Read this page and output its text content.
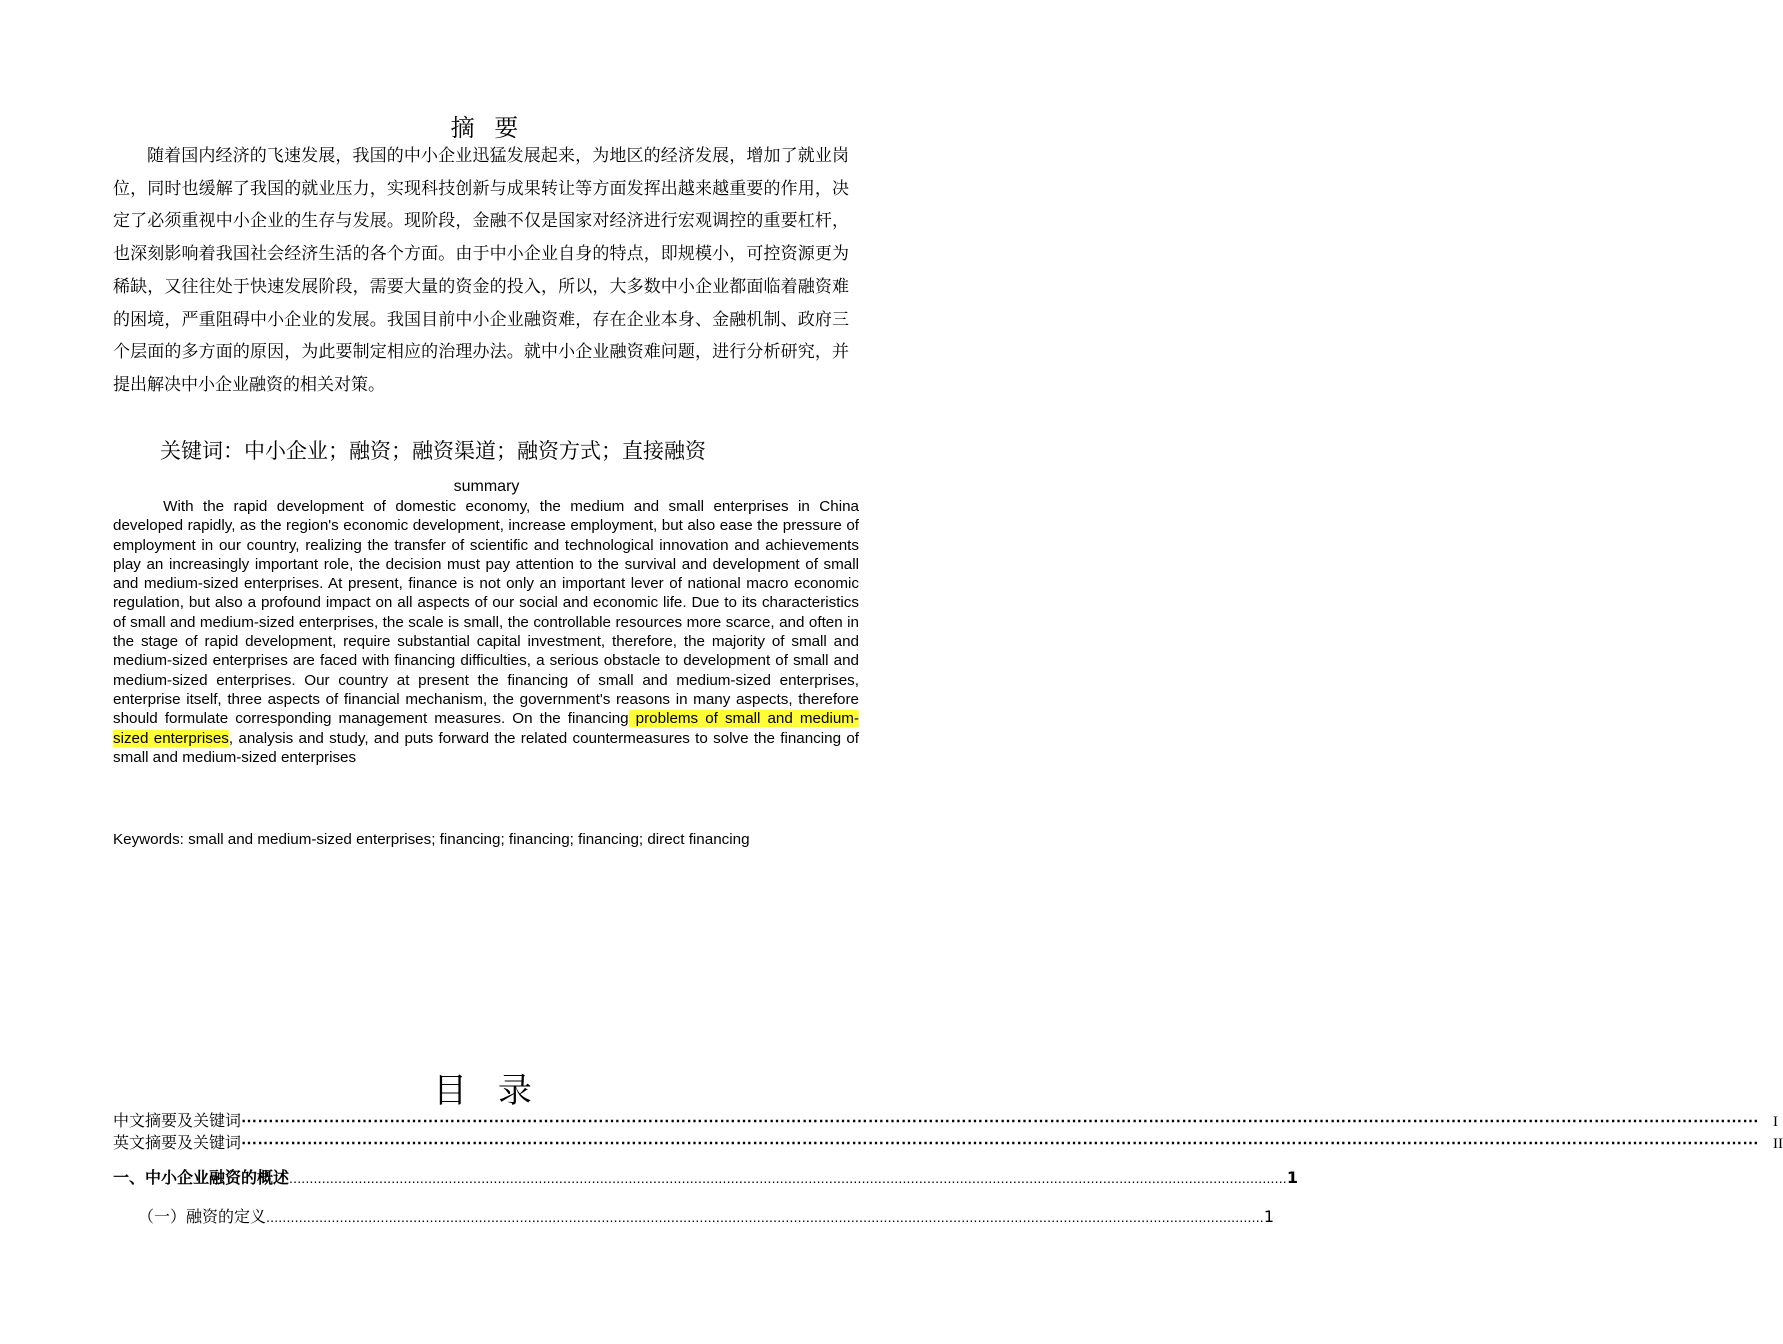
摘 要

随着国内经济的飞速发展，我国的中小企业迅猛发展起来，为地区的经济发展，增加了就业岗位，同时也缓解了我国的就业压力，实现科技创新与成果转让等方面发挥出越来越重要的作用，决定了必须重视中小企业的生存与发展。现阶段，金融不仅是国家对经济进行宏观调控的重要杠杆，也深刻影响着我国社会经济生活的各个方面。由于中小企业自身的特点，即规模小，可控资源更为稀缺，又往往处于快速发展阶段，需要大量的资金的投入，所以，大多数中小企业都面临着融资难的困境，严重阻碍中小企业的发展。我国目前中小企业融资难，存在企业本身、金融机制、政府三个层面的多方面的原因，为此要制定相应的治理办法。就中小企业融资难问题，进行分析研究，并提出解决中小企业融资的相关对策。

关键词：中小企业；融资；融资渠道；融资方式；直接融资
summary

With the rapid development of domestic economy, the medium and small enterprises in China developed rapidly, as the region's economic development, increase employment, but also ease the pressure of employment in our country, realizing the transfer of scientific and technological innovation and achievements play an increasingly important role, the decision must pay attention to the survival and development of small and medium-sized enterprises. At present, finance is not only an important lever of national macro economic regulation, but also a profound impact on all aspects of our social and economic life. Due to its characteristics of small and medium-sized enterprises, the scale is small, the controllable resources more scarce, and often in the stage of rapid development, require substantial capital investment, therefore, the majority of small and medium-sized enterprises are faced with financing difficulties, a serious obstacle to development of small and medium-sized enterprises. Our country at present the financing of small and medium-sized enterprises, enterprise itself, three aspects of financial mechanism, the government's reasons in many aspects, therefore should formulate corresponding management measures. On the financing problems of small and medium-sized enterprises, analysis and study, and puts forward the related countermeasures to solve the financing of small and medium-sized enterprises

Keywords: small and medium-sized enterprises; financing; financing; financing; direct financing
目 录
中文摘要及关键词 ⋯⋯⋯⋯⋯⋯⋯⋯⋯⋯⋯⋯⋯⋯⋯⋯⋯⋯⋯⋯⋯⋯⋯⋯⋯⋯⋯⋯⋯⋯⋯⋯⋯⋯⋯⋯⋯⋯⋯⋯⋯⋯⋯⋯⋯⋯⋯⋯⋯⋯⋯⋯⋯⋯⋯⋯⋯⋯⋯⋯⋯⋯⋯⋯⋯⋯⋯⋯⋯⋯⋯⋯⋯⋯⋯⋯⋯⋯⋯⋯⋯⋯⋯⋯⋯⋯⋯⋯⋯⋯⋯⋯ I
英文摘要及关键词 ⋯⋯⋯⋯⋯⋯⋯⋯⋯⋯⋯⋯⋯⋯⋯⋯⋯⋯⋯⋯⋯⋯⋯⋯⋯⋯⋯⋯⋯⋯⋯⋯⋯⋯⋯⋯⋯⋯⋯⋯⋯⋯⋯⋯⋯⋯⋯⋯⋯⋯⋯⋯⋯⋯⋯⋯⋯⋯⋯⋯⋯⋯⋯⋯⋯⋯⋯⋯⋯⋯⋯⋯⋯⋯⋯⋯⋯⋯⋯⋯⋯⋯⋯⋯⋯⋯⋯⋯⋯⋯⋯⋯ II
一、中小企业融资的概述 .................................................................................................................................................................................................................................................... 1
（一）融资的定义 .................................................................................................................................................................................................................................................... 1
